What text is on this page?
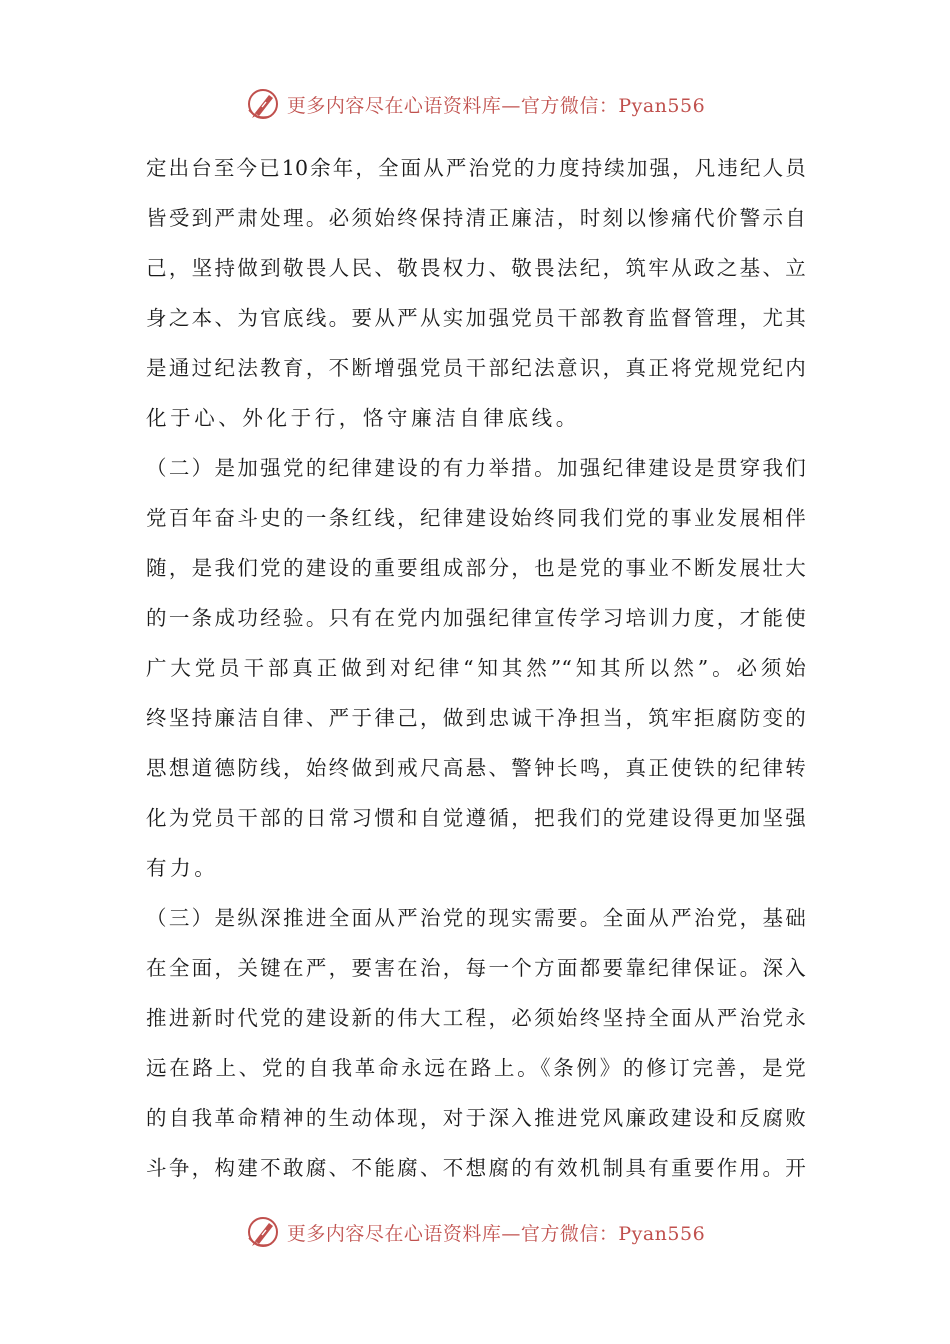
更多内容尽在心语资料库—官方微信：Pyan556
定出台至今已10余年，全面从严治党的力度持续加强，凡违纪人员
皆受到严肃处理。必须始终保持清正廉洁，时刻以惨痛代价警示自
己，坚持做到敬畏人民、敬畏权力、敬畏法纪，筑牢从政之基、立
身之本、为官底线。要从严从实加强党员干部教育监督管理，尤其
是通过纪法教育，不断增强党员干部纪法意识，真正将党规党纪内
化于心、外化于行，恪守廉洁自律底线。
（二）是加强党的纪律建设的有力举措。加强纪律建设是贯穿我们
党百年奋斗史的一条红线，纪律建设始终同我们党的事业发展相伴
随，是我们党的建设的重要组成部分，也是党的事业不断发展壮大
的一条成功经验。只有在党内加强纪律宣传学习培训力度，才能使
广大党员干部真正做到对纪律“知其然”“知其所以然”。必须始
终坚持廉洁自律、严于律己，做到忠诚干净担当，筑牢拒腐防变的
思想道德防线，始终做到戒尺高悬、警钟长鸣，真正使铁的纪律转
化为党员干部的日常习惯和自觉遵循，把我们的党建设得更加坚强
有力。
（三）是纵深推进全面从严治党的现实需要。全面从严治党，基础
在全面，关键在严，要害在治，每一个方面都要靠纪律保证。深入
推进新时代党的建设新的伟大工程，必须始终坚持全面从严治党永
远在路上、党的自我革命永远在路上。《条例》的修订完善，是党
的自我革命精神的生动体现，对于深入推进党风廉政建设和反腐败
斗争，构建不敢腐、不能腐、不想腐的有效机制具有重要作用。开
更多内容尽在心语资料库—官方微信：Pyan556
